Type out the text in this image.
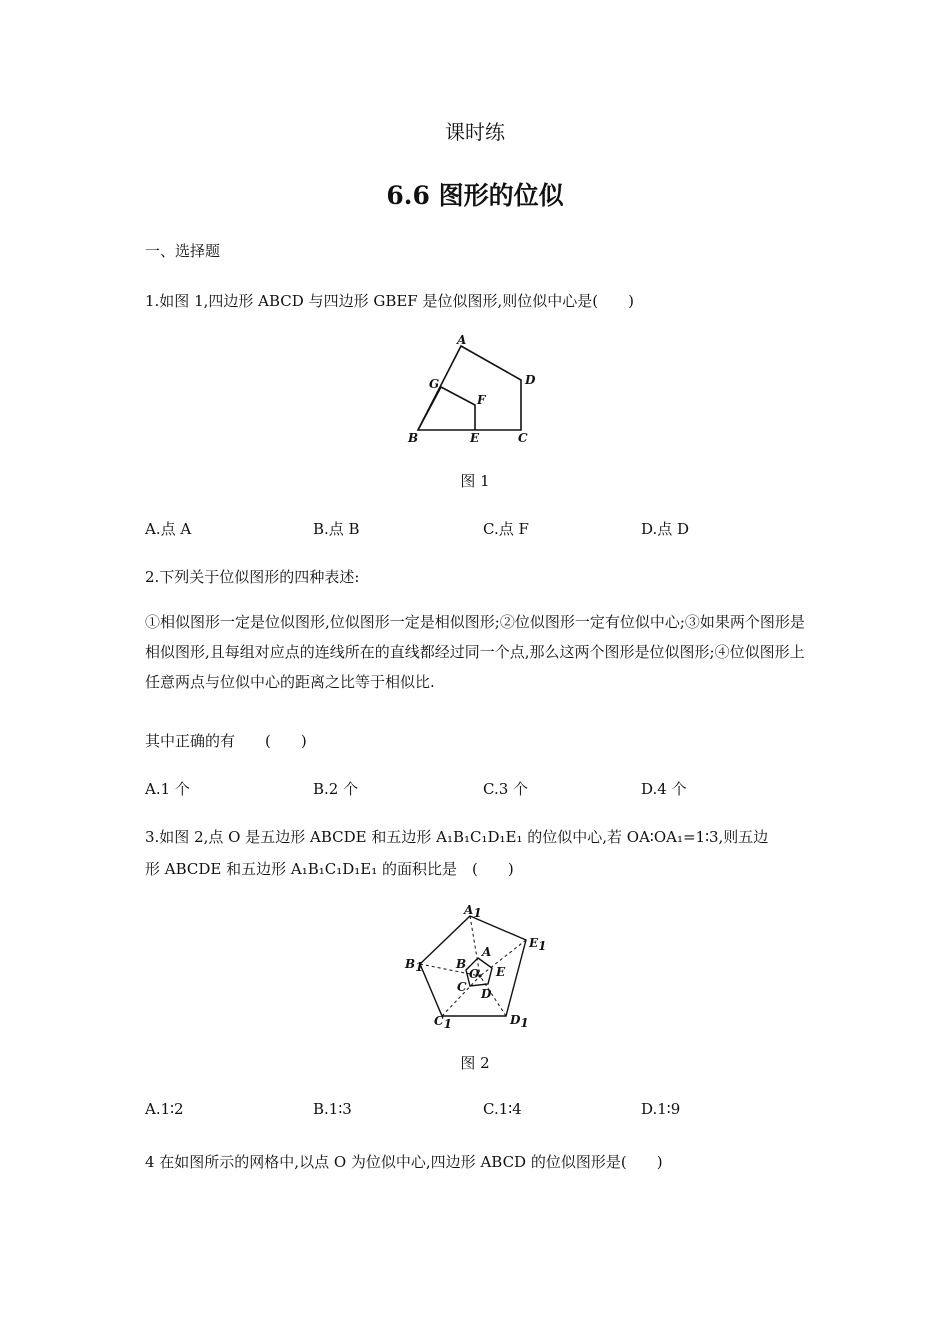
课时练
6.6 图形的位似
一、选择题
1.如图 1,四边形 ABCD 与四边形 GBEF 是位似图形,则位似中心是(　　)
A
B	C
D
E
F
G
图 1
A.点 A	B.点 B	C.点 F	D.点 D
2.下列关于位似图形的四种表述:
①相似图形一定是位似图形,位似图形一定是相似图形;②位似图形一定有位似中心;③如果两个图形是相似图形,且每组对应点的连线所在的直线都经过同一个点,那么这两个图形是位似图形;④位似图形上任意两点与位似中心的距离之比等于相似比.
其中正确的有　　(　　)
A.1 个	B.2 个	C.3 个	D.4 个
3.如图 2,点 O 是五边形 ABCDE 和五边形 A₁B₁C₁D₁E₁ 的位似中心,若 OA∶OA₁=1∶3,则五边
形 ABCDE 和五边形 A₁B₁C₁D₁E₁ 的面积比是　(　　)
A1
E1
D1
C1
B1
A
B
C D
E
O
图 2
A.1∶2	B.1∶3	C.1∶4	D.1∶9
4 在如图所示的网格中,以点 O 为位似中心,四边形 ABCD 的位似图形是(　　)
